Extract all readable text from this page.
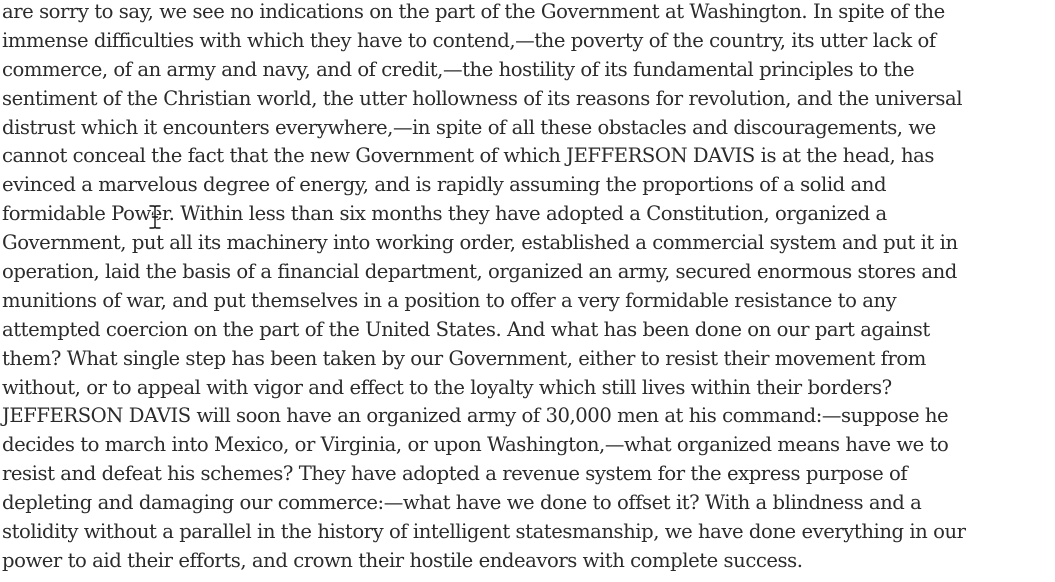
are sorry to say, we see no indications on the part of the Government at Washington. In spite of the
immense difficulties with which they have to contend,—the poverty of the country, its utter lack of
commerce, of an army and navy, and of credit,—the hostility of its fundamental principles to the
sentiment of the Christian world, the utter hollowness of its reasons for revolution, and the universal
distrust which it encounters everywhere,—in spite of all these obstacles and discouragements, we
cannot conceal the fact that the new Government of which JEFFERSON DAVIS is at the head, has
evinced a marvelous degree of energy, and is rapidly assuming the proportions of a solid and
formidable Power. Within less than six months they have adopted a Constitution, organized a
Government, put all its machinery into working order, established a commercial system and put it in
operation, laid the basis of a financial department, organized an army, secured enormous stores and
munitions of war, and put themselves in a position to offer a very formidable resistance to any
attempted coercion on the part of the United States. And what has been done on our part against
them? What single step has been taken by our Government, either to resist their movement from
without, or to appeal with vigor and effect to the loyalty which still lives within their borders?
JEFFERSON DAVIS will soon have an organized army of 30,000 men at his command:—suppose he
decides to march into Mexico, or Virginia, or upon Washington,—what organized means have we to
resist and defeat his schemes? They have adopted a revenue system for the express purpose of
depleting and damaging our commerce:—what have we done to offset it? With a blindness and a
stolidity without a parallel in the history of intelligent statesmanship, we have done everything in our
power to aid their efforts, and crown their hostile endeavors with complete success.
